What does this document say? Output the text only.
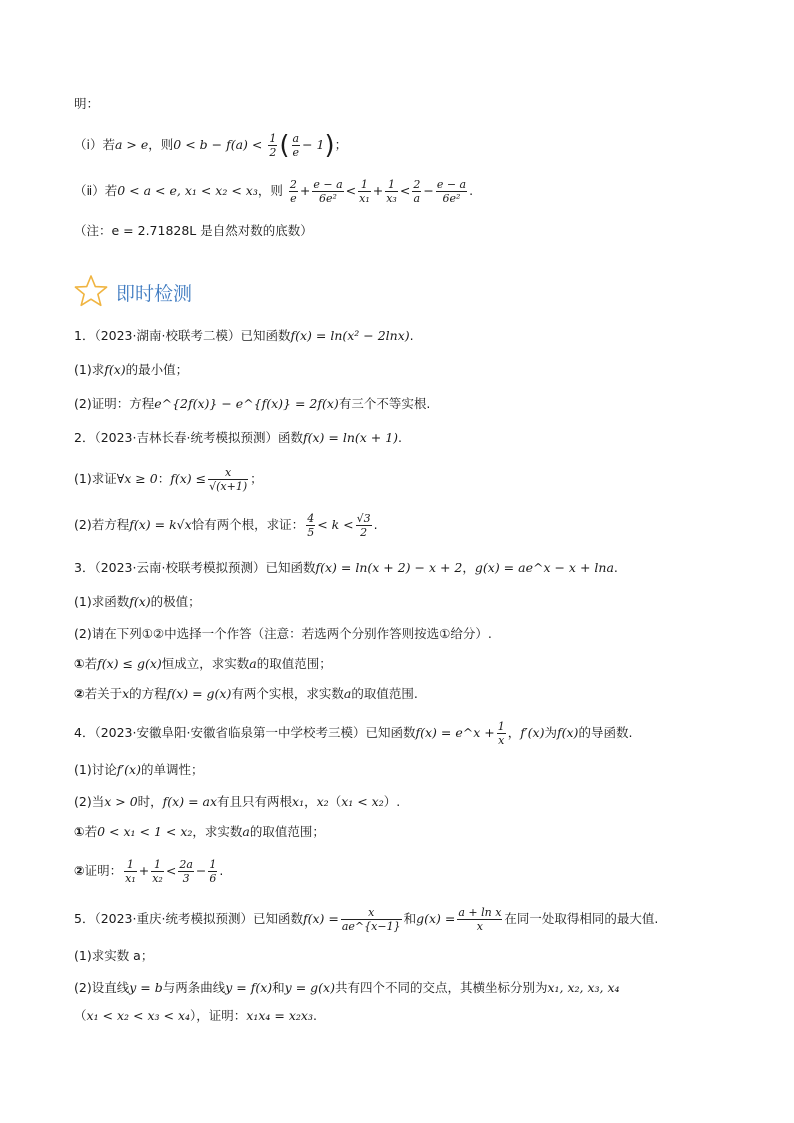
明：
（ⅰ）若a > e，则$0 < b - f(a) < \frac{1}{2}$ ( $\frac{a}{e} - 1$)；
（ⅱ）若0 < a < e, x₁ < x₂ < x₃，则 $\frac{2}{e} + \frac{e - a}{\text{6e²}} < \frac{1}{\text{x₁}} + \frac{1}{\text{x₃}} < \frac{2}{a} - \frac{e - a}{\text{6e²}}$ .
（注：e = 2.71828L 是自然对数的底数）
即时检测
1．（2023·湖南·校联考二模）已知函数f(x) = ln(x² − 2lnx).
(1)求f(x)的最小值；
(2)证明：方程e^{2f(x)} − e^{f(x)} = 2f(x)有三个不等实根.
2．（2023·吉林长春·统考模拟预测）函数f(x) = ln(x + 1).
(1)求证∀x ≥ 0：$f(x) \le \frac{x}{√(x+1)}$ ；
(2)若方程f(x) = k√x恰有两个根，求证： $\frac{4}{5} < k < \frac{√3}{2}$ .
3．（2023·云南·校联考模拟预测）已知函数f(x) = ln(x + 2) − x + 2，g(x) = ae^x − x + lna.
(1)求函数f(x)的极值；
(2)请在下列①②中选择一个作答（注意：若选两个分别作答则按选①给分）.
①若f(x) ≤ g(x)恒成立，求实数a的取值范围；
②若关于x的方程f(x) = g(x)有两个实根，求实数a的取值范围.
4．（2023·安徽阜阳·安徽省临泉第一中学校考三模）已知函数f(x) = e^x + $\frac{1}{x}$ ，f′(x)为f(x)的导函数.
(1)讨论f′(x)的单调性；
(2)当x > 0时，f(x) = ax有且只有两根x₁，x₂（x₁ < x₂）.
①若0 < x₁ < 1 < x₂，求实数a的取值范围；
②证明： $\frac{1}{\text{x₁}} + \frac{1}{\text{x₂}} < \frac{2a}{3} - \frac{1}{6}$ .
5．（2023·重庆·统考模拟预测）已知函数$f(x) = \frac{x}{ae\^{}\{x-1\}}$ 和$g(x) = \frac{\text{a + ln x}}{x}$ 在同一处取得相同的最大值.
(1)求实数 a；
(2)设直线y = b与两条曲线y = f(x)和y = g(x)共有四个不同的交点，其横坐标分别为x₁, x₂, x₃, x₄
（x₁ < x₂ < x₃ < x₄），证明：x₁x₄ = x₂x₃.
